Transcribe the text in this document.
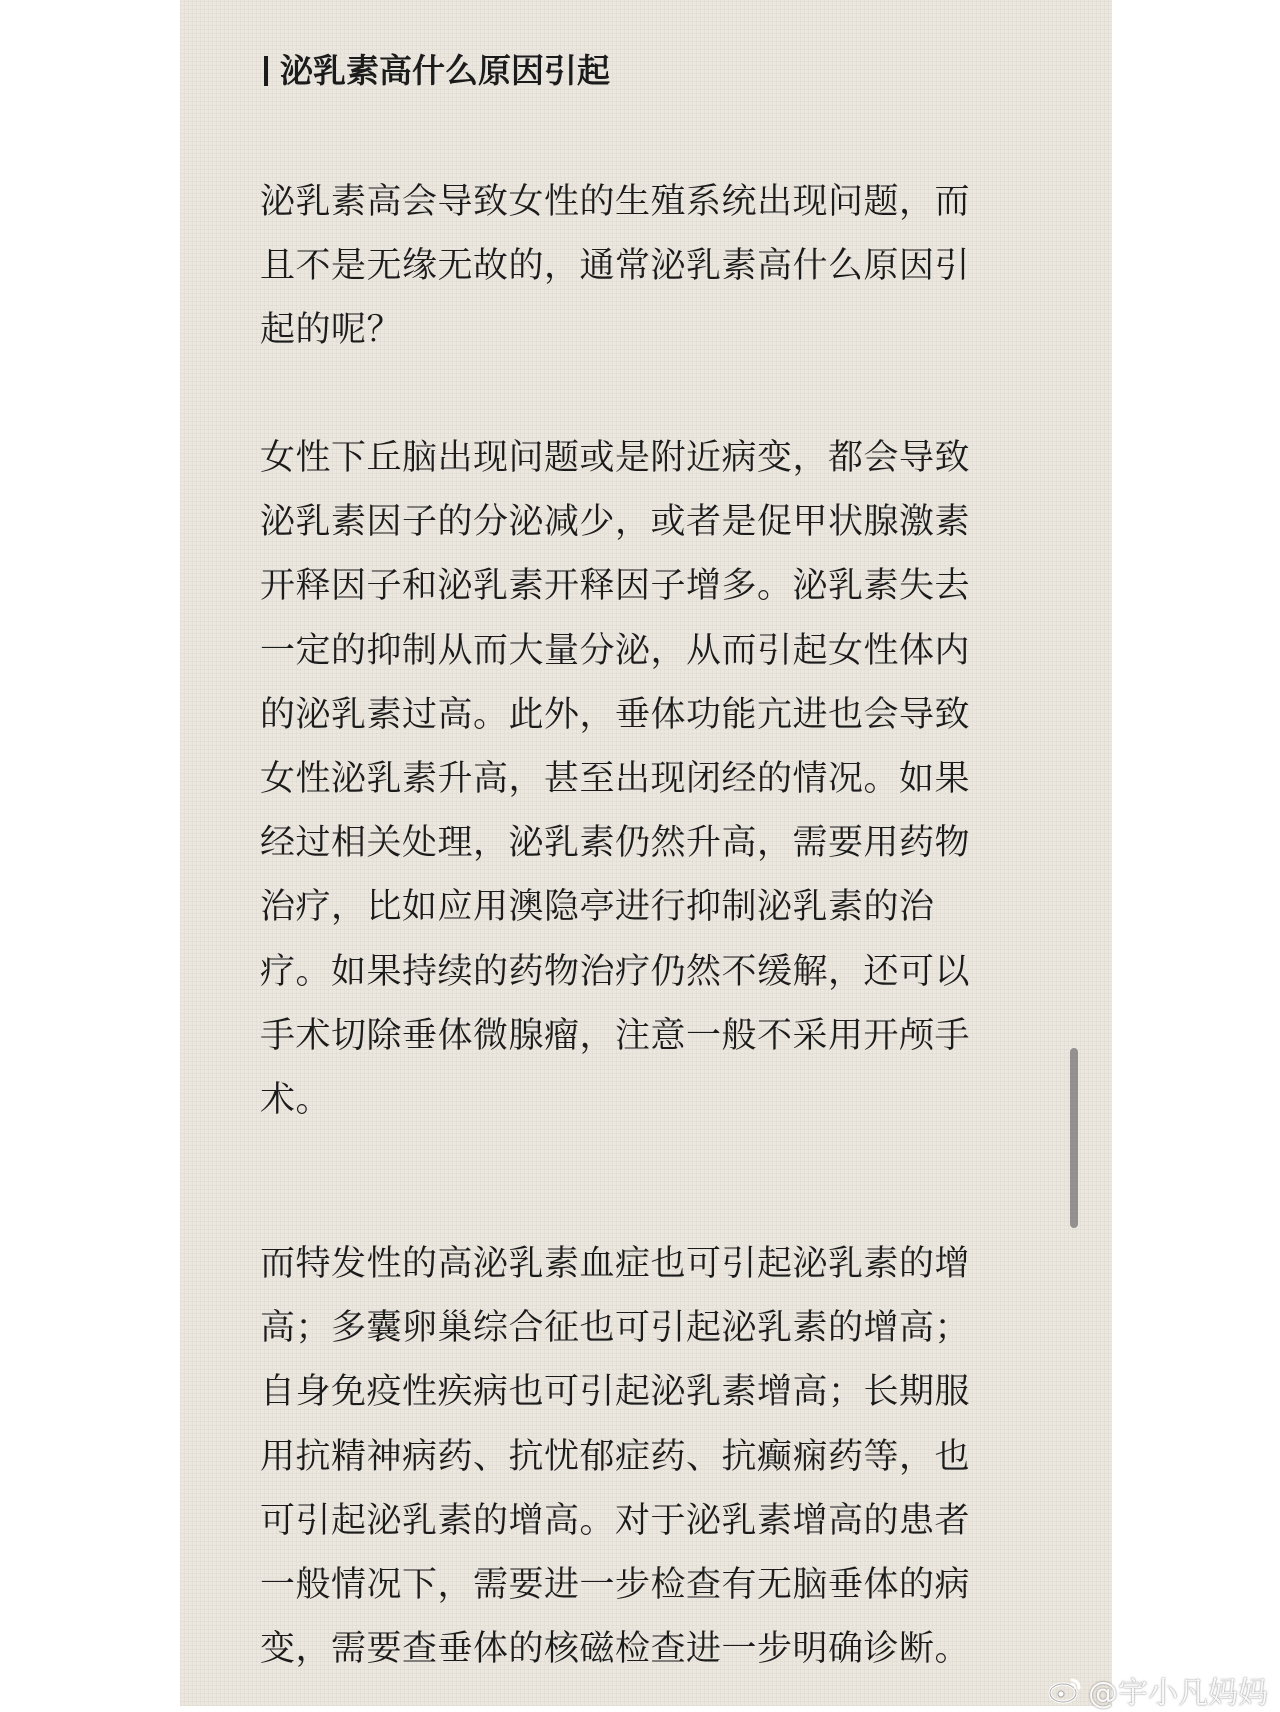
泌乳素高什么原因引起
泌乳素高会导致女性的生殖系统出现问题，而
且不是无缘无故的，通常泌乳素高什么原因引
起的呢？
女性下丘脑出现问题或是附近病变，都会导致
泌乳素因子的分泌减少，或者是促甲状腺激素
开释因子和泌乳素开释因子增多。泌乳素失去
一定的抑制从而大量分泌，从而引起女性体内
的泌乳素过高。此外，垂体功能亢进也会导致
女性泌乳素升高，甚至出现闭经的情况。如果
经过相关处理，泌乳素仍然升高，需要用药物
治疗，比如应用澳隐亭进行抑制泌乳素的治
疗。如果持续的药物治疗仍然不缓解，还可以
手术切除垂体微腺瘤，注意一般不采用开颅手
术。
而特发性的高泌乳素血症也可引起泌乳素的增
高；多囊卵巢综合征也可引起泌乳素的增高；
自身免疫性疾病也可引起泌乳素增高；长期服
用抗精神病药、抗忧郁症药、抗癫痫药等，也
可引起泌乳素的增高。对于泌乳素增高的患者
一般情况下，需要进一步检查有无脑垂体的病
变，需要查垂体的核磁检查进一步明确诊断。
@宇小凡妈妈
